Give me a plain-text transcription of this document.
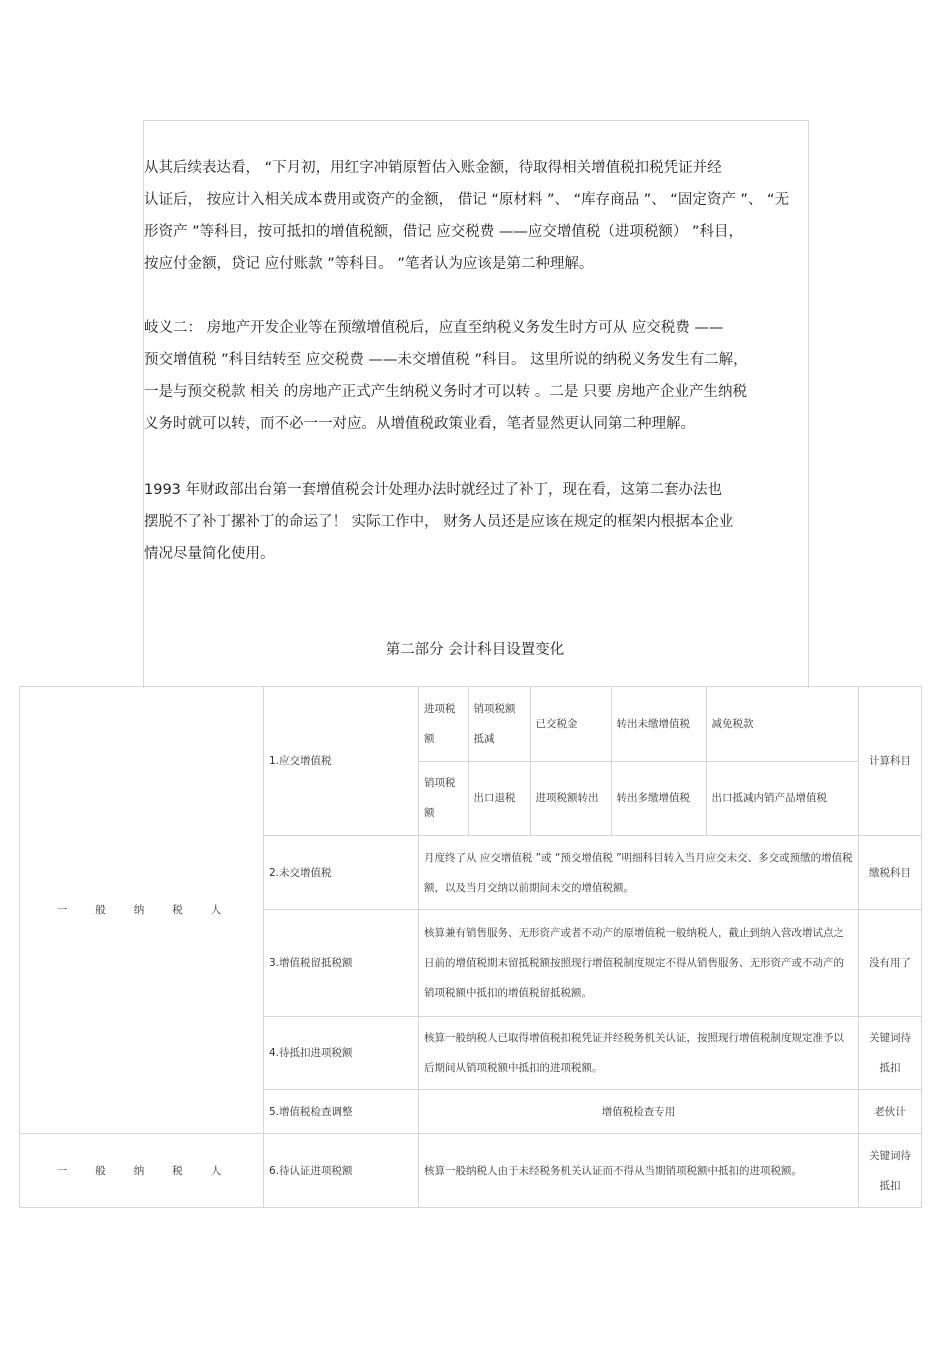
从其后续表达看， “下月初，用红字冲销原暂估入账金额，待取得相关增值税扣税凭证并经
认证后， 按应计入相关成本费用或资产的金额， 借记 “原材料 ”、 “库存商品 ”、 “固定资产 ”、 “无
形资产 ”等科目，按可抵扣的增值税额，借记 应交税费 ——应交增值税（进项税额） ”科目，
按应付金额，贷记 应付账款 ”等科目。 ”笔者认为应该是第二种理解。
岐义二： 房地产开发企业等在预缴增值税后，应直至纳税义务发生时方可从 应交税费 ——
预交增值税 ”科目结转至 应交税费 ——未交增值税 ”科目。 这里所说的纳税义务发生有二解，
一是与预交税款 相关 的房地产正式产生纳税义务时才可以转 。二是 只要 房地产企业产生纳税
义务时就可以转，而不必一一对应。从增值税政策业看，笔者显然更认同第二种理解。
1993 年财政部出台第一套增值税会计处理办法时就经过了补丁，现在看，这第二套办法也
摆脱不了补丁摞补丁的命运了！ 实际工作中， 财务人员还是应该在规定的框架内根据本企业
情况尽量简化使用。
第二部分 会计科目设置变化
一般纳税人	1.应交增值税	
进项税额	销项税额抵减	已交税金	转出未缴增值税	减免税款
销项税额	出口退税	进项税额转出	转出多缴增值税	出口抵减内销产品增值税
	计算科目
2.未交增值税	月度终了从 应交增值税 ”或 “预交增值税 ”明细科目转入当月应交未交、多交或预缴的增值税额，以及当月交纳以前期间未交的增值税额。	缴税科目
3.增值税留抵税额	核算兼有销售服务、无形资产或者不动产的原增值税一般纳税人，截止到纳入营改增试点之日前的增值税期末留抵税额按照现行增值税制度规定不得从销售服务、无形资产或不动产的销项税额中抵扣的增值税留抵税额。	没有用了
4.待抵扣进项税额	核算一般纳税人已取得增值税扣税凭证并经税务机关认证，按照现行增值税制度规定准予以后期间从销项税额中抵扣的进项税额。	关键词待抵扣
5.增值税检查调整	增值税检查专用	老伙计
一般纳税人	6.待认证进项税额	核算一般纳税人由于未经税务机关认证而不得从当期销项税额中抵扣的进项税额。	关键词待抵扣
